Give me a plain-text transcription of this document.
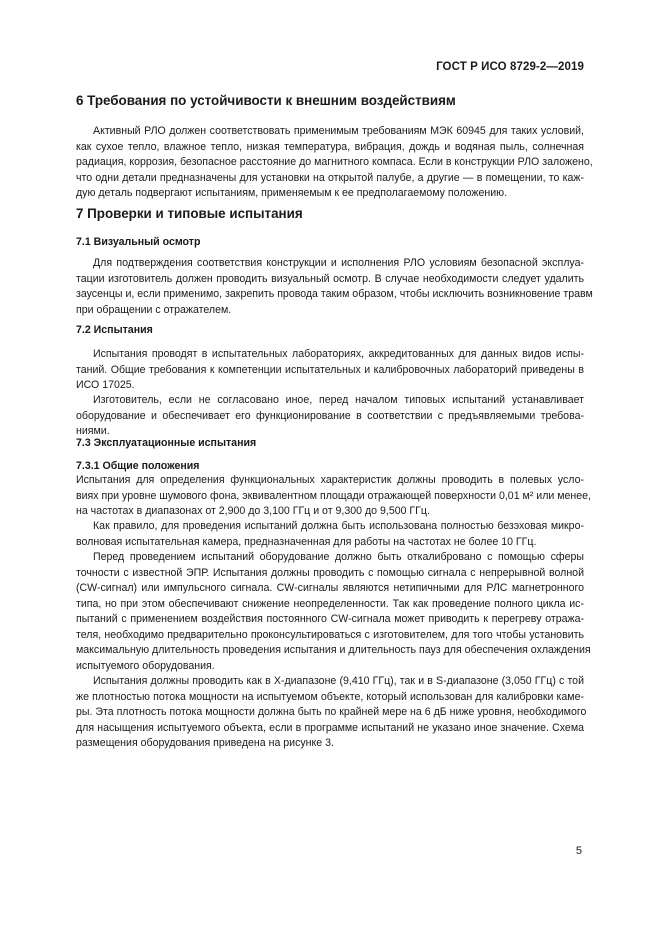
ГОСТ Р ИСО 8729-2—2019
6 Требования по устойчивости к внешним воздействиям
Активный РЛО должен соответствовать применимым требованиям МЭК 60945 для таких условий,
как сухое тепло, влажное тепло, низкая температура, вибрация, дождь и водяная пыль, солнечная
радиация, коррозия, безопасное расстояние до магнитного компаса. Если в конструкции РЛО заложено,
что одни детали предназначены для установки на открытой палубе, а другие — в помещении, то каж-
дую деталь подвергают испытаниям, применяемым к ее предполагаемому положению.
7 Проверки и типовые испытания
7.1 Визуальный осмотр
Для подтверждения соответствия конструкции и исполнения РЛО условиям безопасной эксплуа-
тации изготовитель должен проводить визуальный осмотр. В случае необходимости следует удалить
заусенцы и, если применимо, закрепить провода таким образом, чтобы исключить возникновение травм
при обращении с отражателем.
7.2 Испытания
Испытания проводят в испытательных лабораториях, аккредитованных для данных видов испы-
таний. Общие требования к компетенции испытательных и калибровочных лабораторий приведены в
ИСО 17025.
Изготовитель, если не согласовано иное, перед началом типовых испытаний устанавливает
оборудование и обеспечивает его функционирование в соответствии с предъявляемыми требова-
ниями.
7.3 Эксплуатационные испытания
7.3.1 Общие положения
Испытания для определения функциональных характеристик должны проводить в полевых усло-
виях при уровне шумового фона, эквивалентном площади отражающей поверхности 0,01 м² или менее,
на частотах в диапазонах от 2,900 до 3,100 ГГц и от 9,300 до 9,500 ГГц.
Как правило, для проведения испытаний должна быть использована полностью безэховая микро-
волновая испытательная камера, предназначенная для работы на частотах не более 10 ГГц.
Перед проведением испытаний оборудование должно быть откалибровано с помощью сферы
точности с известной ЭПР. Испытания должны проводить с помощью сигнала с непрерывной волной
(CW-сигнал) или импульсного сигнала. CW-сигналы являются нетипичными для РЛС магнетронного
типа, но при этом обеспечивают снижение неопределенности. Так как проведение полного цикла ис-
пытаний с применением воздействия постоянного CW-сигнала может приводить к перегреву отража-
теля, необходимо предварительно проконсультироваться с изготовителем, для того чтобы установить
максимальную длительность проведения испытания и длительность пауз для обеспечения охлаждения
испытуемого оборудования.
Испытания должны проводить как в X-диапазоне (9,410 ГГц), так и в S-диапазоне (3,050 ГГц) с той
же плотностью потока мощности на испытуемом объекте, который использован для калибровки каме-
ры. Эта плотность потока мощности должна быть по крайней мере на 6 дБ ниже уровня, необходимого
для насыщения испытуемого объекта, если в программе испытаний не указано иное значение. Схема
размещения оборудования приведена на рисунке 3.
5
